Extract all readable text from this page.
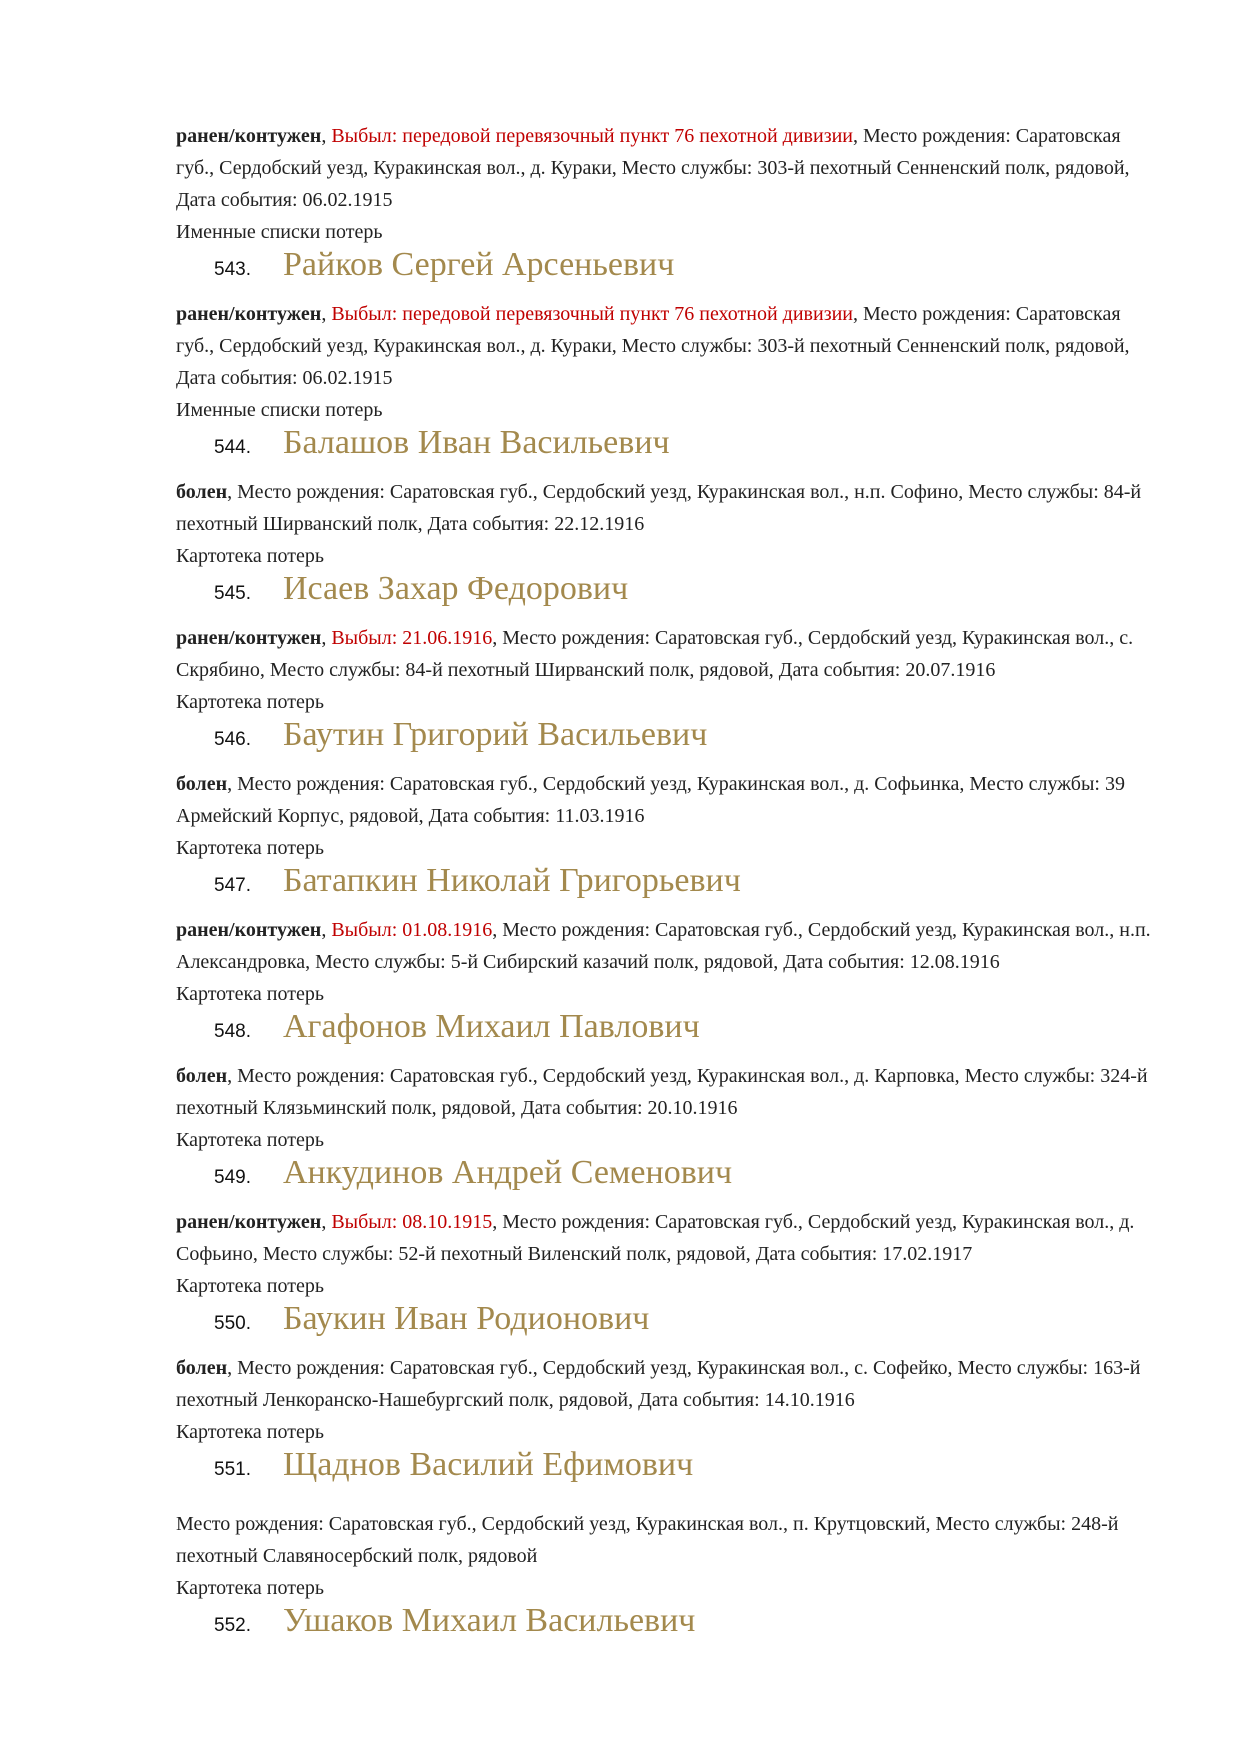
ранен/контужен, Выбыл: передовой перевязочный пункт 76 пехотной дивизии, Место рождения: Саратовская губ., Сердобский уезд, Куракинская вол., д. Кураки, Место службы: 303-й пехотный Сенненский полк, рядовой, Дата события: 06.02.1915

Именные списки потерь

543. Райков Сергей Арсеньевич

ранен/контужен, Выбыл: передовой перевязочный пункт 76 пехотной дивизии, Место рождения: Саратовская губ., Сердобский уезд, Куракинская вол., д. Кураки, Место службы: 303-й пехотный Сенненский полк, рядовой, Дата события: 06.02.1915

Именные списки потерь

544. Балашов Иван Васильевич

болен, Место рождения: Саратовская губ., Сердобский уезд, Куракинская вол., н.п. Софино, Место службы: 84-й пехотный Ширванский полк, Дата события: 22.12.1916

Картотека потерь

545. Исаев Захар Федорович

ранен/контужен, Выбыл: 21.06.1916, Место рождения: Саратовская губ., Сердобский уезд, Куракинская вол., с. Скрябино, Место службы: 84-й пехотный Ширванский полк, рядовой, Дата события: 20.07.1916

Картотека потерь

546. Баутин Григорий Васильевич

болен, Место рождения: Саратовская губ., Сердобский уезд, Куракинская вол., д. Софьинка, Место службы: 39 Армейский Корпус, рядовой, Дата события: 11.03.1916

Картотека потерь

547. Батапкин Николай Григорьевич

ранен/контужен, Выбыл: 01.08.1916, Место рождения: Саратовская губ., Сердобский уезд, Куракинская вол., н.п. Александровка, Место службы: 5-й Сибирский казачий полк, рядовой, Дата события: 12.08.1916

Картотека потерь

548. Агафонов Михаил Павлович

болен, Место рождения: Саратовская губ., Сердобский уезд, Куракинская вол., д. Карповка, Место службы: 324-й пехотный Клязьминский полк, рядовой, Дата события: 20.10.1916

Картотека потерь

549. Анкудинов Андрей Семенович

ранен/контужен, Выбыл: 08.10.1915, Место рождения: Саратовская губ., Сердобский уезд, Куракинская вол., д. Софьино, Место службы: 52-й пехотный Виленский полк, рядовой, Дата события: 17.02.1917

Картотека потерь

550. Баукин Иван Родионович

болен, Место рождения: Саратовская губ., Сердобский уезд, Куракинская вол., с. Софейко, Место службы: 163-й пехотный Ленкоранско-Нашебургский полк, рядовой, Дата события: 14.10.1916

Картотека потерь

551. Щаднов Василий Ефимович

Место рождения: Саратовская губ., Сердобский уезд, Куракинская вол., п. Крутцовский, Место службы: 248-й пехотный Славяносербский полк, рядовой

Картотека потерь

552. Ушаков Михаил Васильевич
